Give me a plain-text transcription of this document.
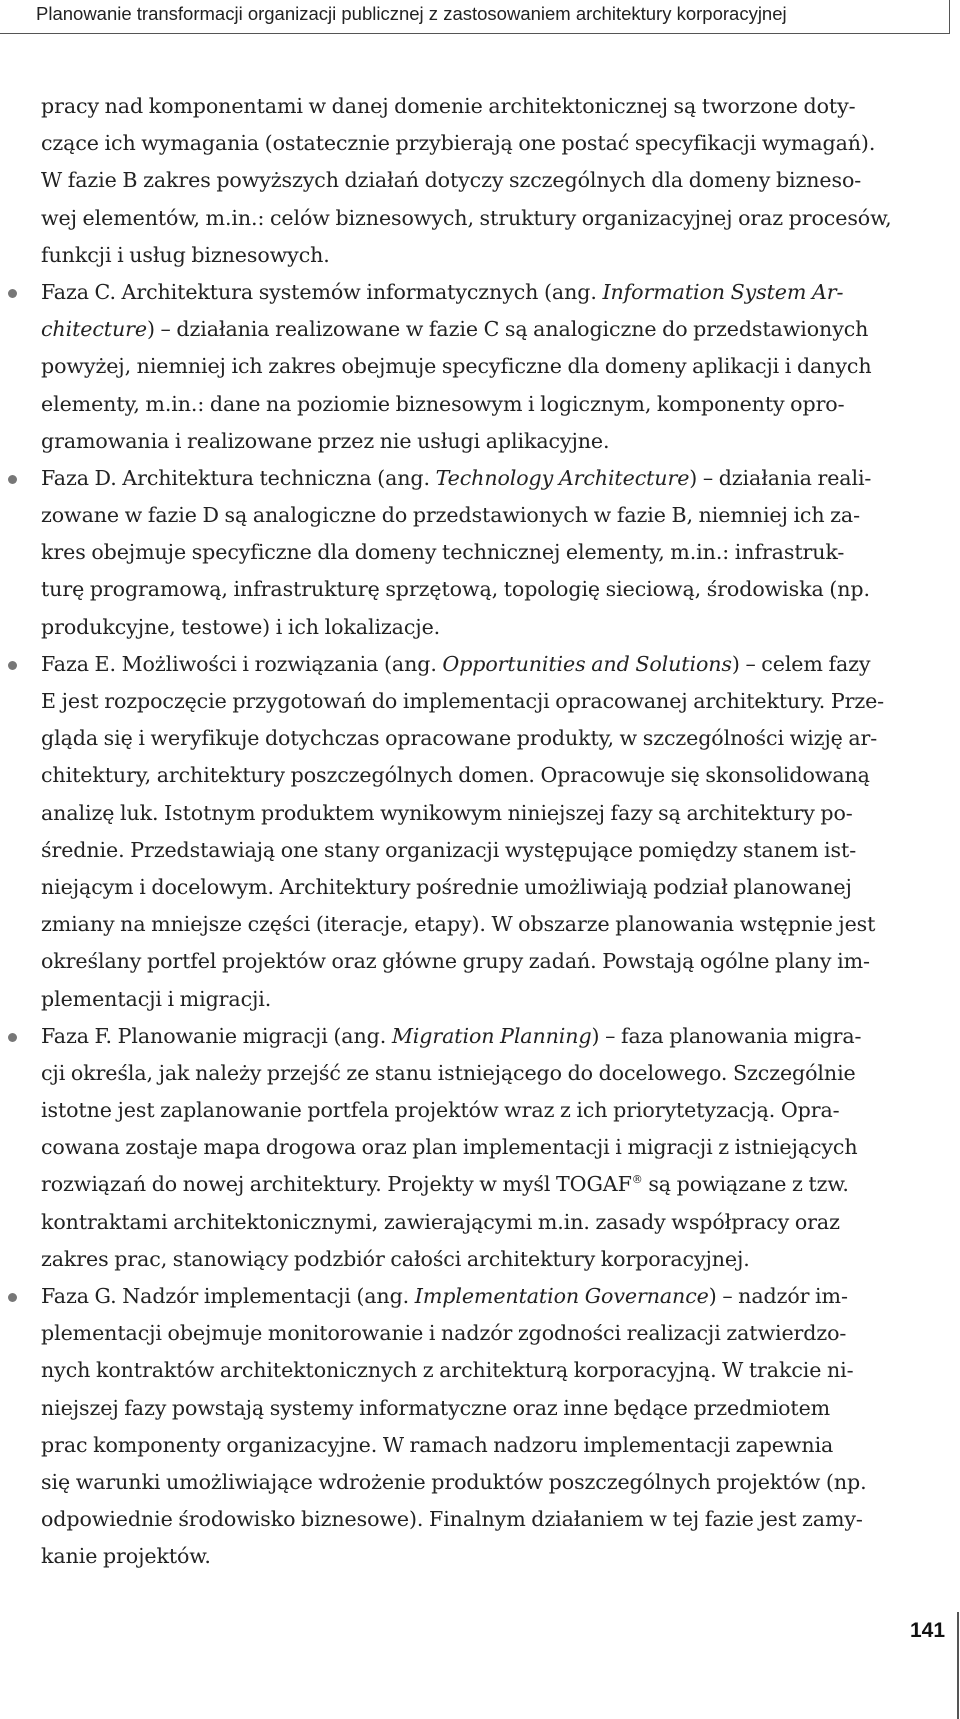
Planowanie transformacji organizacji publicznej z zastosowaniem architektury korporacyjnej
pracy nad komponentami w danej domenie architektonicznej są tworzone doty-
czące ich wymagania (ostatecznie przybierają one postać specyfikacji wymagań).
W fazie B zakres powyższych działań dotyczy szczególnych dla domeny bizneso-
wej elementów, m.in.: celów biznesowych, struktury organizacyjnej oraz procesów,
funkcji i usług biznesowych.
Faza C. Architektura systemów informatycznych (ang. Information System Ar-
chitecture) – działania realizowane w fazie C są analogiczne do przedstawionych
powyżej, niemniej ich zakres obejmuje specyficzne dla domeny aplikacji i danych
elementy, m.in.: dane na poziomie biznesowym i logicznym, komponenty opro-
gramowania i realizowane przez nie usługi aplikacyjne.
Faza D. Architektura techniczna (ang. Technology Architecture) – działania reali-
zowane w fazie D są analogiczne do przedstawionych w fazie B, niemniej ich za-
kres obejmuje specyficzne dla domeny technicznej elementy, m.in.: infrastruk-
turę programową, infrastrukturę sprzętową, topologię sieciową, środowiska (np.
produkcyjne, testowe) i ich lokalizacje.
Faza E. Możliwości i rozwiązania (ang. Opportunities and Solutions) – celem fazy
E jest rozpoczęcie przygotowań do implementacji opracowanej architektury. Prze-
gląda się i weryfikuje dotychczas opracowane produkty, w szczególności wizję ar-
chitektury, architektury poszczególnych domen. Opracowuje się skonsolidowaną
analizę luk. Istotnym produktem wynikowym niniejszej fazy są architektury po-
średnie. Przedstawiają one stany organizacji występujące pomiędzy stanem ist-
niejącym i docelowym. Architektury pośrednie umożliwiają podział planowanej
zmiany na mniejsze części (iteracje, etapy). W obszarze planowania wstępnie jest
określany portfel projektów oraz główne grupy zadań. Powstają ogólne plany im-
plementacji i migracji.
Faza F. Planowanie migracji (ang. Migration Planning) – faza planowania migra-
cji określa, jak należy przejść ze stanu istniejącego do docelowego. Szczególnie
istotne jest zaplanowanie portfela projektów wraz z ich priorytetyzacją. Opra-
cowana zostaje mapa drogowa oraz plan implementacji i migracji z istniejących
rozwiązań do nowej architektury. Projekty w myśl TOGAF® są powiązane z tzw.
kontraktami architektonicznymi, zawierającymi m.in. zasady współpracy oraz
zakres prac, stanowiący podzbiór całości architektury korporacyjnej.
Faza G. Nadzór implementacji (ang. Implementation Governance) – nadzór im-
plementacji obejmuje monitorowanie i nadzór zgodności realizacji zatwierdzo-
nych kontraktów architektonicznych z architekturą korporacyjną. W trakcie ni-
niejszej fazy powstają systemy informatyczne oraz inne będące przedmiotem
prac komponenty organizacyjne. W ramach nadzoru implementacji zapewnia
się warunki umożliwiające wdrożenie produktów poszczególnych projektów (np.
odpowiednie środowisko biznesowe). Finalnym działaniem w tej fazie jest zamy-
kanie projektów.
141
